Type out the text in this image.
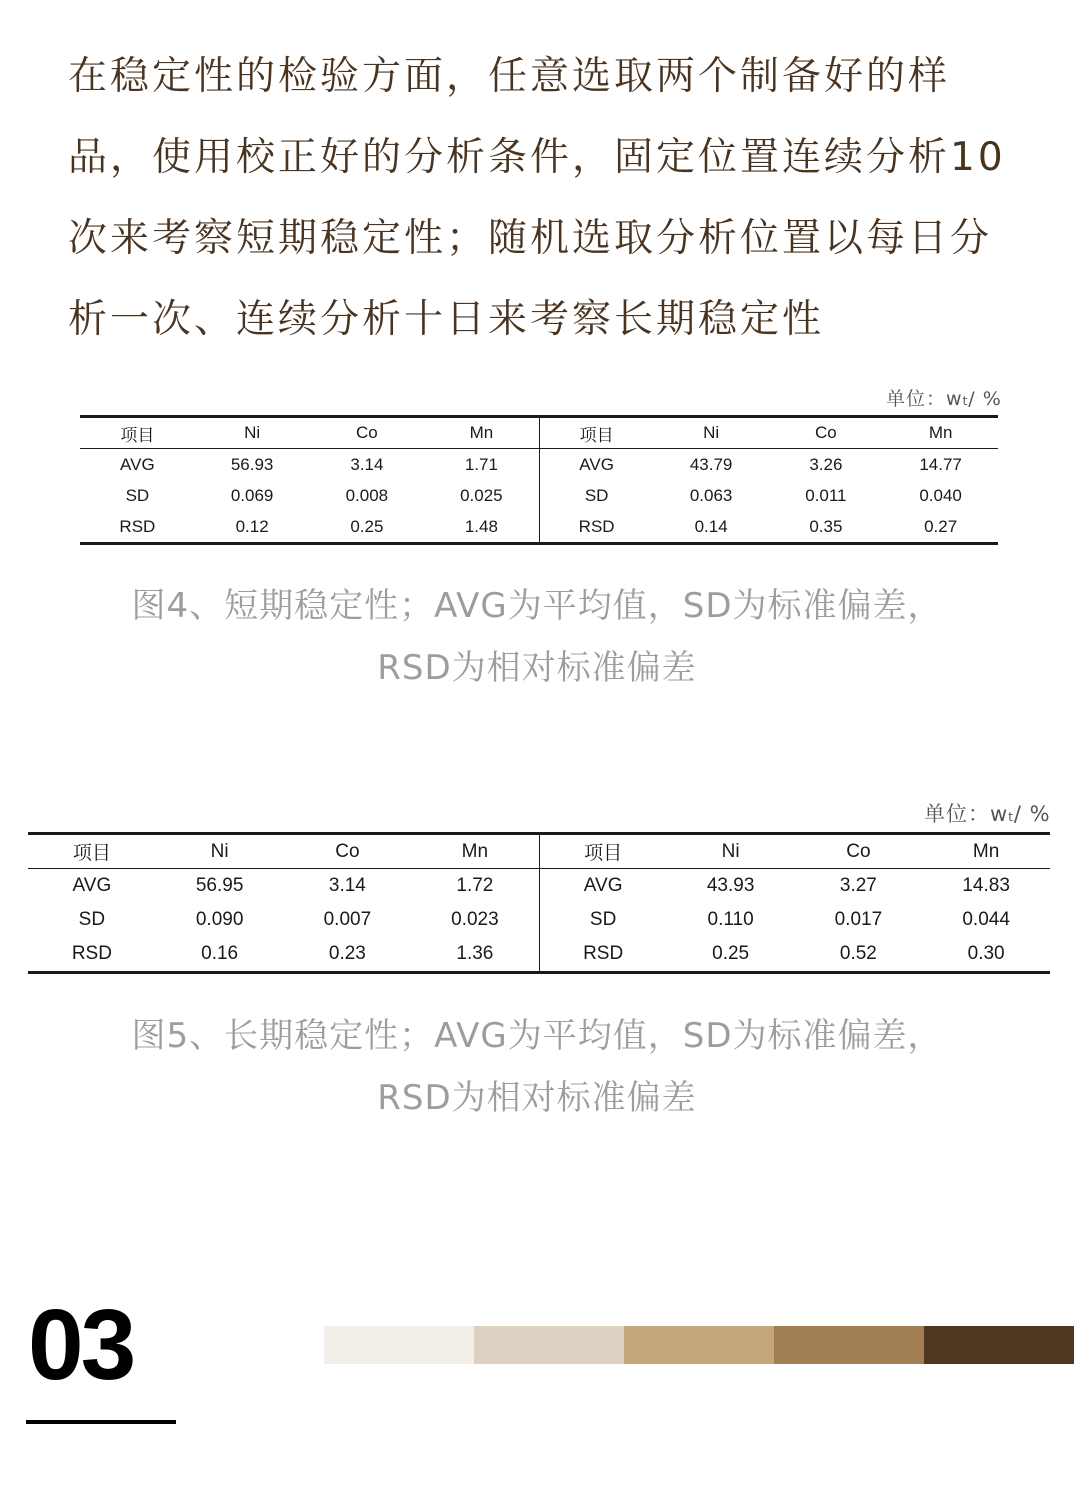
在稳定性的检验方面，任意选取两个制备好的样品，使用校正好的分析条件，固定位置连续分析10次来考察短期稳定性；随机选取分析位置以每日分析一次、连续分析十日来考察长期稳定性

单位：wt/ %
项目	Ni	Co	Mn	项目	Ni	Co	Mn
AVG	56.93	3.14	1.71	AVG	43.79	3.26	14.77
SD	0.069	0.008	0.025	SD	0.063	0.011	0.040
RSD	0.12	0.25	1.48	RSD	0.14	0.35	0.27

图4、短期稳定性；AVG为平均值，SD为标准偏差，
RSD为相对标准偏差

单位：wt/ %
项目	Ni	Co	Mn	项目	Ni	Co	Mn
AVG	56.95	3.14	1.72	AVG	43.93	3.27	14.83
SD	0.090	0.007	0.023	SD	0.110	0.017	0.044
RSD	0.16	0.23	1.36	RSD	0.25	0.52	0.30

图5、长期稳定性；AVG为平均值，SD为标准偏差，
RSD为相对标准偏差

03
